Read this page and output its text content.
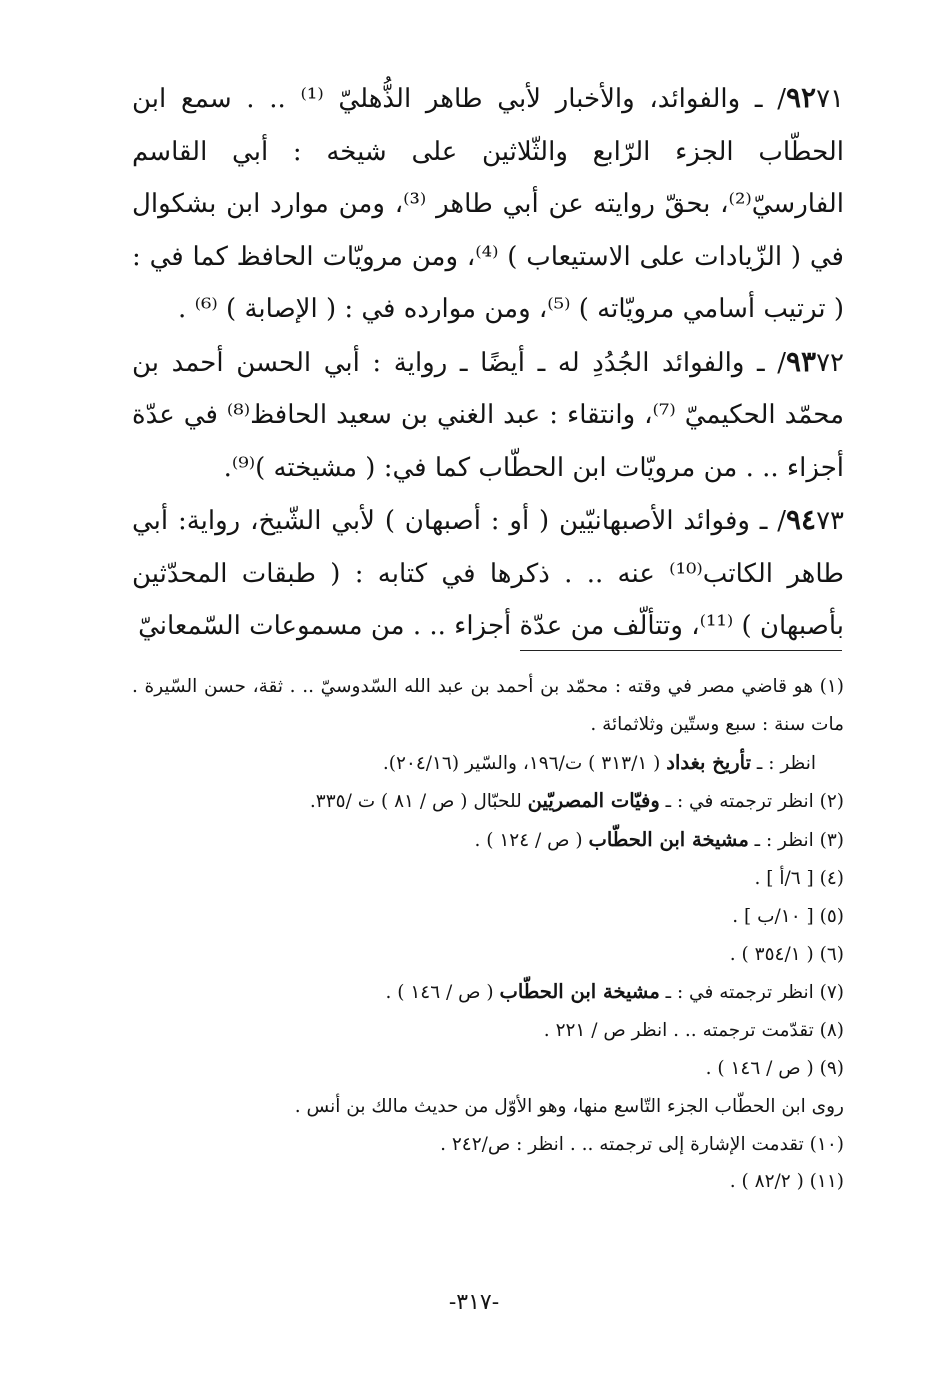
٩٢٧١/ ـ والفوائد، والأخبار لأبي طاهر الذُّهليّ ⁽¹⁾ .. . سمع ابن الحطّاب الجزء الرّابع والثّلاثين على شيخه : أبي القاسم الفارسيّ⁽²⁾، بحقّ روايته عن أبي طاهر ⁽³⁾، ومن موارد ابن بشكوال في ( الزّيادات على الاستيعاب ) ⁽⁴⁾، ومن مرويّات الحافظ كما في : ( ترتيب أسامي مرويّاته ) ⁽⁵⁾، ومن موارده في : ( الإصابة ) ⁽⁶⁾ .

٩٣٧٢/ ـ والفوائد الجُدُدِ له ـ أيضًا ـ رواية : أبي الحسن أحمد بن محمّد الحكيميّ ⁽⁷⁾، وانتقاء : عبد الغني بن سعيد الحافظ⁽⁸⁾ في عدّة أجزاء .. . من مرويّات ابن الحطّاب كما في: ( مشيخته )⁽⁹⁾.

٩٤٧٣/ ـ وفوائد الأصبهانيّين ( أو : أصبهان ) لأبي الشّيخ، رواية: أبي طاهر الكاتب⁽¹⁰⁾ عنه .. . ذكرها في كتابه : ( طبقات المحدّثين بأصبهان ) ⁽¹¹⁾، وتتألّف من عدّة أجزاء .. . من مسموعات السّمعانيّ

(١) هو قاضي مصر في وقته : محمّد بن أحمد بن عبد الله السّدوسيّ .. . ثقة، حسن السّيرة . مات سنة : سبع وستّين وثلاثمائة .

انظر : ـ تأريخ بغداد ( ٣١٣/١ ) ت/١٩٦، والسّير (٢٠٤/١٦).

(٢) انظر ترجمته في : ـ وفيّات المصريّين للحبّال ( ص / ٨١ ) ت /٣٣٥.

(٣) انظر : ـ مشيخة ابن الحطّاب ( ص / ١٢٤ ) .

(٤) [ ٦/أ ] .

(٥) [ ١٠/ب ] .

(٦) ( ٣٥٤/١ ) .

(٧) انظر ترجمته في : ـ مشيخة ابن الحطّاب ( ص / ١٤٦ ) .

(٨) تقدّمت ترجمته .. . انظر ص / ٢٢١ .

(٩) ( ص / ١٤٦ ) .

روى ابن الحطّاب الجزء التّاسع منها، وهو الأوّل من حديث مالك بن أنس .

(١٠) تقدمت الإشارة إلى ترجمته .. . انظر : ص/٢٤٢ .

(١١) ( ٨٢/٢ ) .

-٣١٧-
